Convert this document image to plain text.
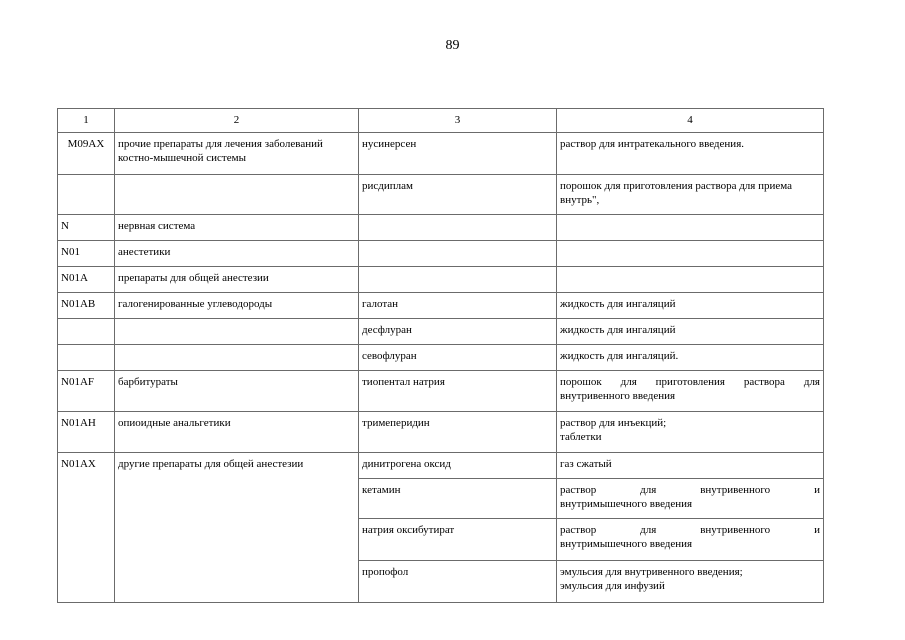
89
1	2	3	4
M09AX	прочие препараты для лечения заболеваний костно-мышечной системы	нусинерсен	раствор для интратекального введения.
		рисдиплам	порошок для приготовления раствора для приема внутрь",
N	нервная система		
N01	анестетики		
N01A	препараты для общей анестезии		
N01AB	галогенированные углеводороды	галотан	жидкость для ингаляций
		десфлуран	жидкость для ингаляций
		севофлуран	жидкость для ингаляций.
N01AF	барбитураты	тиопентал натрия	порошок для приготовления раствора для
внутривенного введения

N01AH	опиоидные анальгетики	тримеперидин	раствор для инъекций;
таблетки

N01AX	другие препараты для общей анестезии	динитрогена оксид	газ сжатый
		кетамин	раствор для внутривенного и
внутримышечного введения

		натрия оксибутират	раствор для внутривенного и
внутримышечного введения

		пропофол	эмульсия для внутривенного введения;
эмульсия для инфузий
